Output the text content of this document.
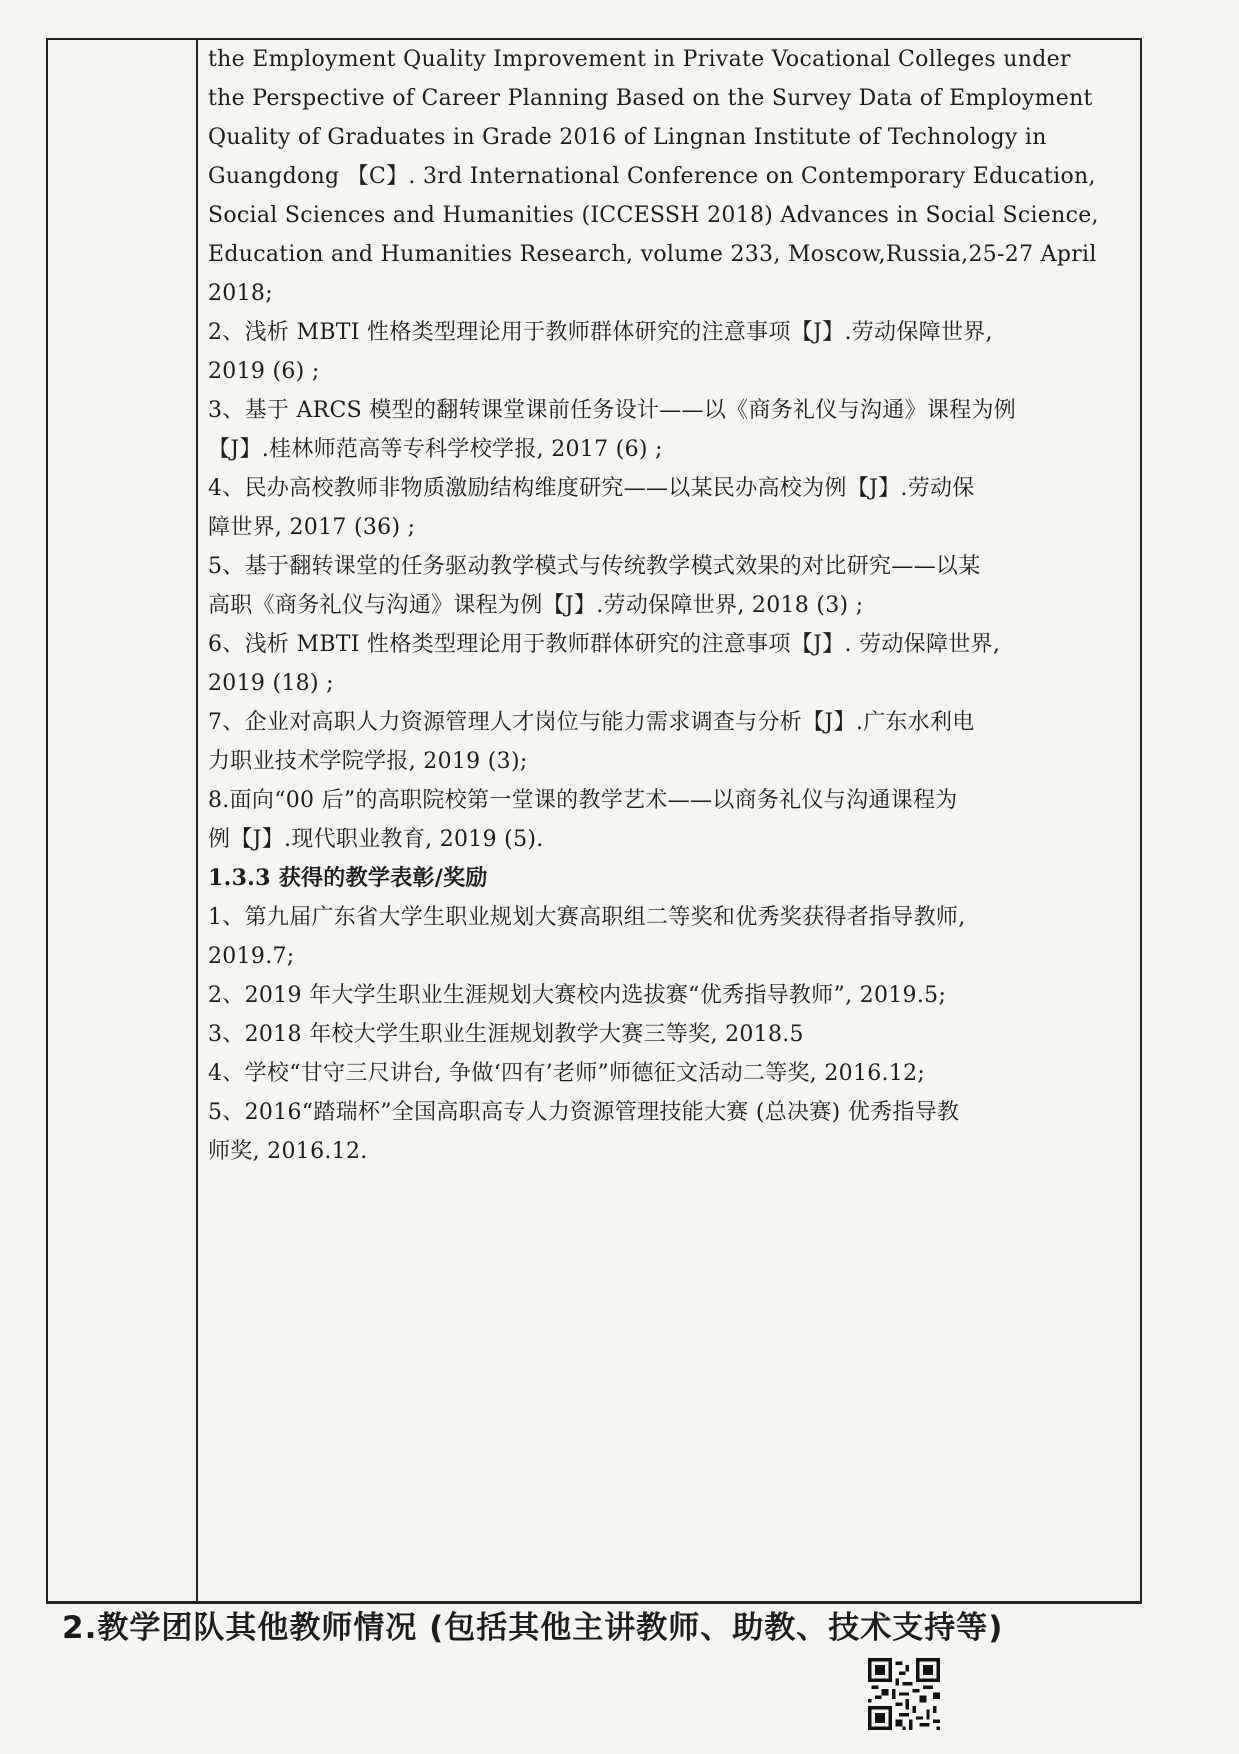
the Employment Quality Improvement in Private Vocational Colleges under

the Perspective of Career Planning Based on the Survey Data of Employment

Quality of Graduates in Grade 2016 of Lingnan Institute of Technology in

Guangdong 【C】. 3rd International Conference on Contemporary Education,

Social Sciences and Humanities (ICCESSH 2018) Advances in Social Science,

Education and Humanities Research, volume 233, Moscow,Russia,25-27 April

2018;

2、浅析 MBTI 性格类型理论用于教师群体研究的注意事项【J】.劳动保障世界,

2019 (6) ;

3、基于 ARCS 模型的翻转课堂课前任务设计——以《商务礼仪与沟通》课程为例

【J】.桂林师范高等专科学校学报, 2017 (6) ;

4、民办高校教师非物质激励结构维度研究——以某民办高校为例【J】.劳动保

障世界, 2017 (36) ;

5、基于翻转课堂的任务驱动教学模式与传统教学模式效果的对比研究——以某

高职《商务礼仪与沟通》课程为例【J】.劳动保障世界, 2018 (3) ;

6、浅析 MBTI 性格类型理论用于教师群体研究的注意事项【J】. 劳动保障世界,

2019 (18) ;

7、企业对高职人力资源管理人才岗位与能力需求调查与分析【J】.广东水利电

力职业技术学院学报, 2019 (3);

8.面向“00 后”的高职院校第一堂课的教学艺术——以商务礼仪与沟通课程为

例【J】.现代职业教育, 2019 (5).

1.3.3 获得的教学表彰/奖励

1、第九届广东省大学生职业规划大赛高职组二等奖和优秀奖获得者指导教师,

2019.7;

2、2019 年大学生职业生涯规划大赛校内选拔赛“优秀指导教师”, 2019.5;

3、2018 年校大学生职业生涯规划教学大赛三等奖, 2018.5

4、学校“甘守三尺讲台, 争做‘四有’老师”师德征文活动二等奖, 2016.12;

5、2016“踏瑞杯”全国高职高专人力资源管理技能大赛 (总决赛) 优秀指导教

师奖, 2016.12.

2.教学团队其他教师情况 (包括其他主讲教师、助教、技术支持等)
